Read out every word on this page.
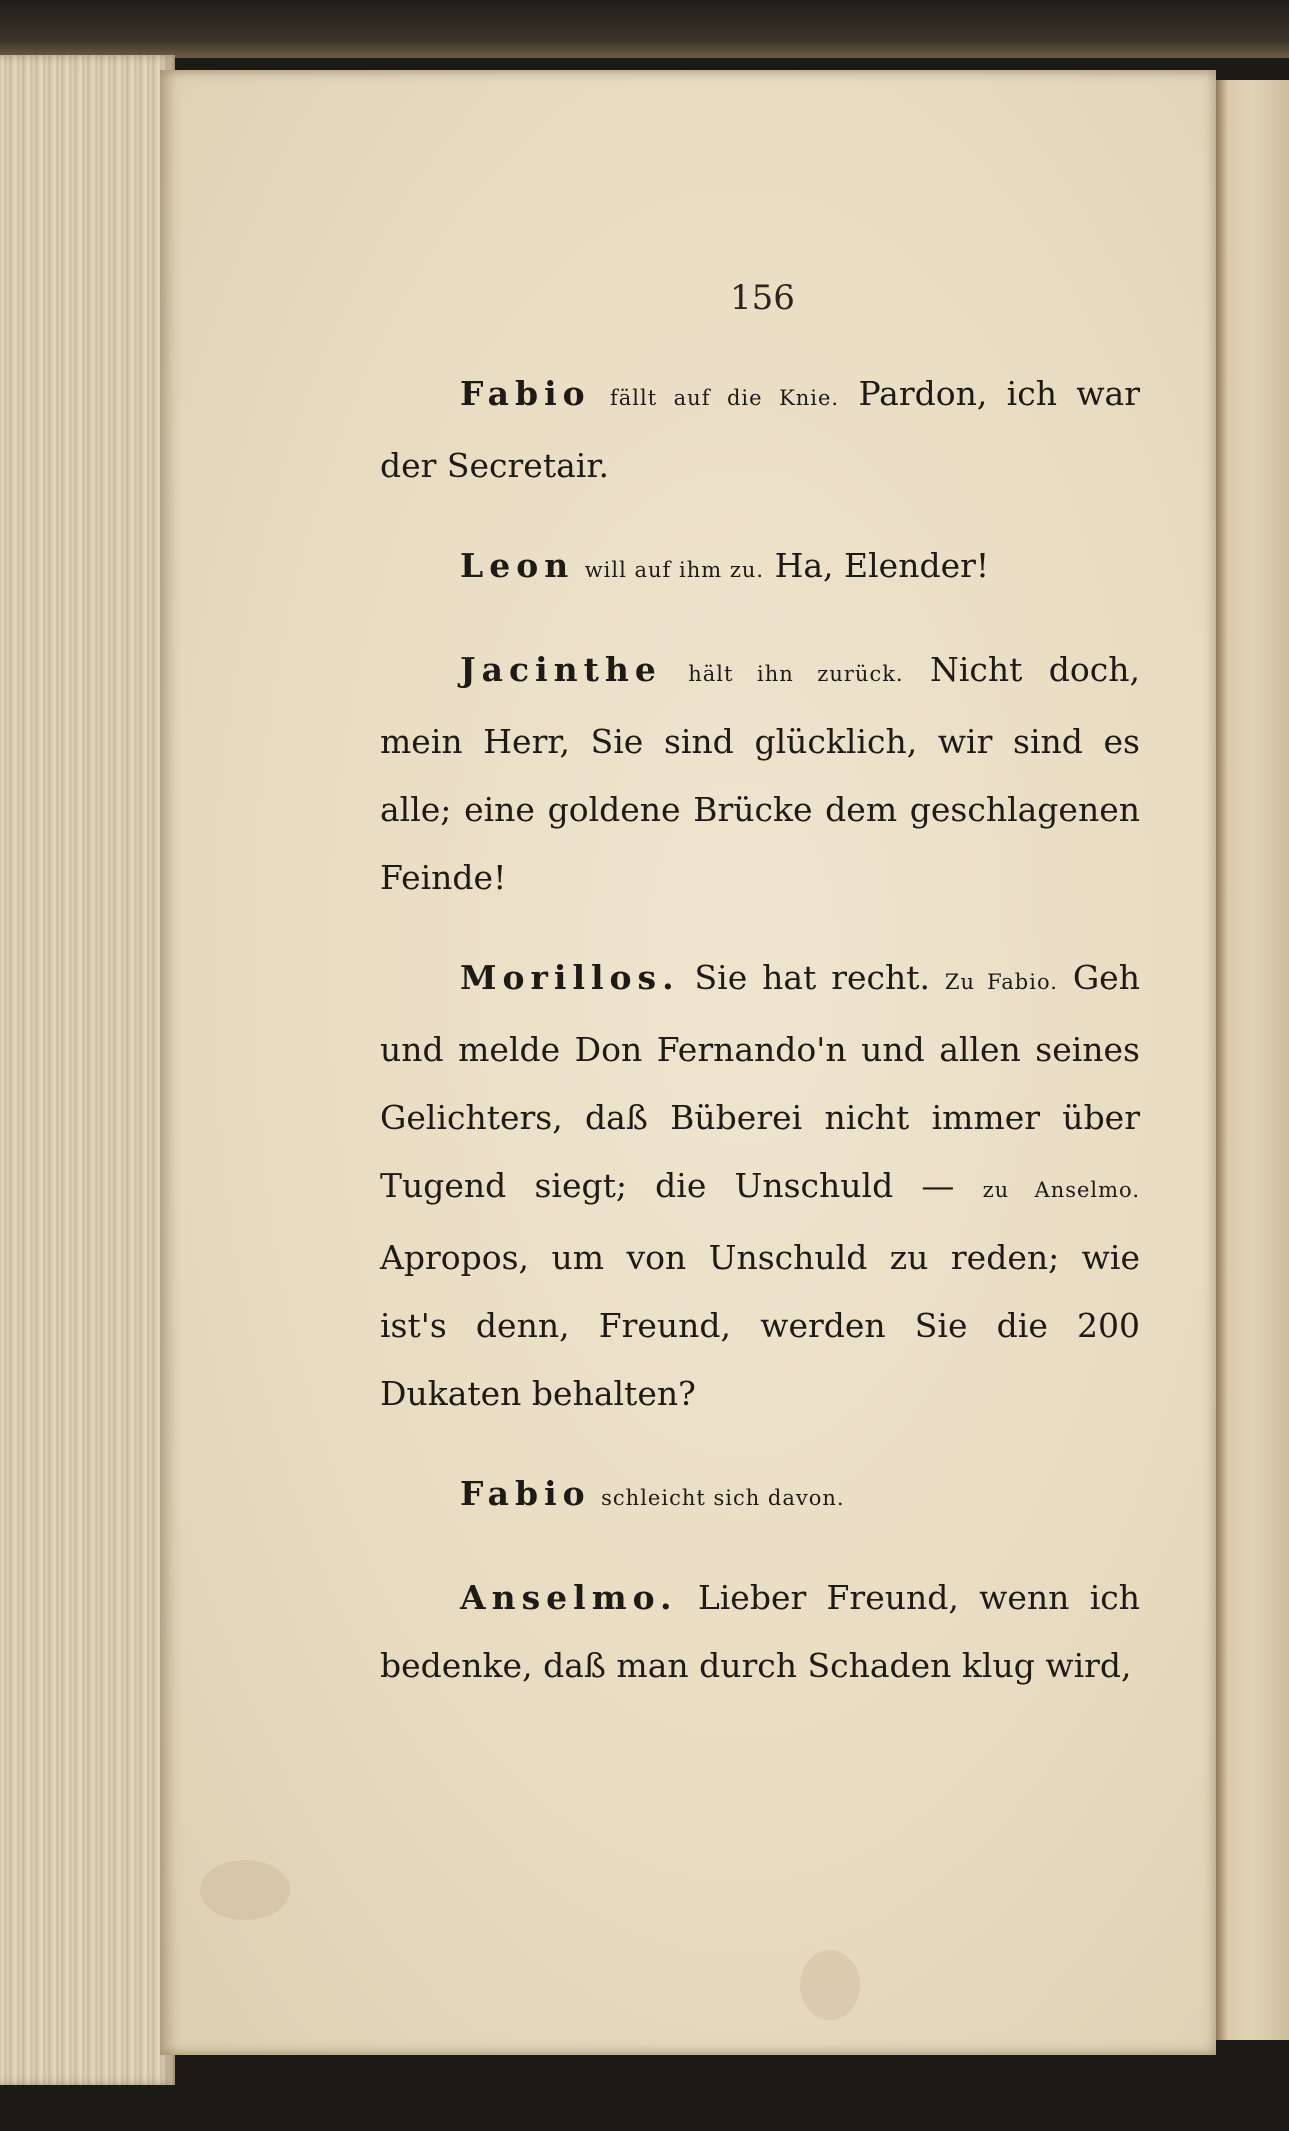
156

Fabio fällt auf die Knie. Pardon, ich war der Secretair.

Leon will auf ihm zu. Ha, Elender!

Jacinthe hält ihn zurück. Nicht doch, mein Herr, Sie sind glücklich, wir sind es alle; eine goldene Brücke dem geschlagenen Feinde!

Morillos. Sie hat recht. Zu Fabio. Geh und melde Don Fernando'n und allen seines Gelichters, daß Büberei nicht immer über Tugend siegt; die Unschuld — zu Anselmo. Apropos, um von Unschuld zu reden; wie ist's denn, Freund, werden Sie die 200 Dukaten behalten?

Fabio schleicht sich davon.

Anselmo. Lieber Freund, wenn ich bedenke, daß man durch Schaden klug wird,
